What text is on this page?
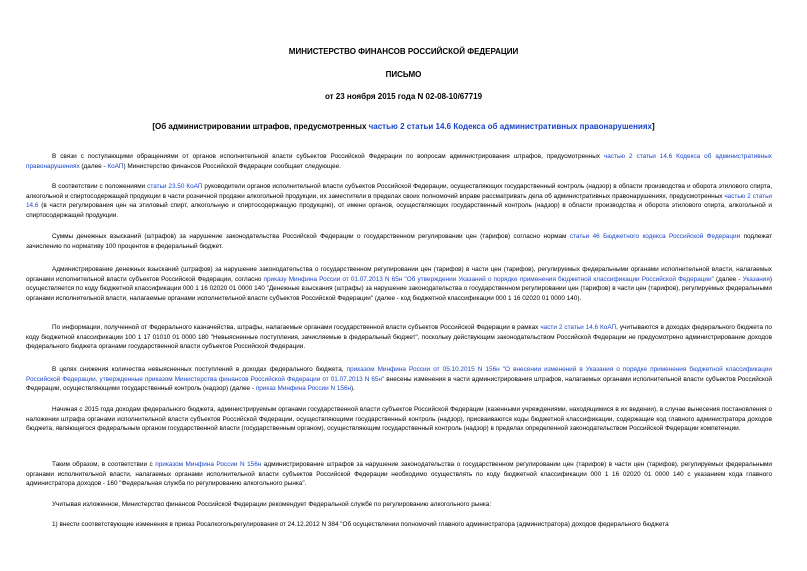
МИНИСТЕРСТВО ФИНАНСОВ РОССИЙСКОЙ ФЕДЕРАЦИИ
ПИСЬМО
от 23 ноября 2015 года N 02-08-10/67719
[Об администрировании штрафов, предусмотренных частью 2 статьи 14.6 Кодекса об административных правонарушениях]

В связи с поступающими обращениями от органов исполнительной власти субъектов Российской Федерации по вопросам администрирования штрафов, предусмотренных частью 2 статьи 14.6 Кодекса об административных правонарушениях (далее - КоАП) Министерство финансов Российской Федерации сообщает следующее.

В соответствии с положениями статьи 23.50 КоАП руководители органов исполнительной власти субъектов Российской Федерации, осуществляющих государственный контроль (надзор) в области производства и оборота этилового спирта, алкогольной и спиртосодержащей продукции в части розничной продажи алкогольной продукции, их заместители в пределах своих полномочий вправе рассматривать дела об административных правонарушениях, предусмотренных частью 2 статьи 14.6 (в части регулирования цен на этиловый спирт, алкогольную и спиртосодержащую продукцию), от имени органов, осуществляющих государственный контроль (надзор) в области производства и оборота этилового спирта, алкогольной и спиртосодержащей продукции.

Суммы денежных взысканий (штрафов) за нарушение законодательства Российской Федерации о государственном регулировании цен (тарифов) согласно нормам статьи 46 Бюджетного кодекса Российской Федерации подлежат зачислению по нормативу 100 процентов в федеральный бюджет.

Администрирование денежных взысканий (штрафов) за нарушение законодательства о государственном регулировании цен (тарифов) в части цен (тарифов), регулируемых федеральными органами исполнительной власти, налагаемых органами исполнительной власти субъектов Российской Федерации, согласно приказу Минфина России от 01.07.2013 N 65н "Об утверждении Указаний о порядке применения бюджетной классификации Российской Федерации" (далее - Указания) осуществляется по коду бюджетной классификации 000 1 16 02020 01 0000 140 "Денежные взыскания (штрафы) за нарушение законодательства о государственном регулировании цен (тарифов) в части цен (тарифов), регулируемых федеральными органами исполнительной власти, налагаемые органами исполнительной власти субъектов Российской Федерации" (далее - код бюджетной классификации 000 1 16 02020 01 0000 140).

По информации, полученной от Федерального казначейства, штрафы, налагаемые органами государственной власти субъектов Российской Федерации в рамках части 2 статьи 14.6 КоАП, учитываются в доходах федерального бюджета по коду бюджетной классификации 100 1 17 01010 01 0000 180 "Невыясненные поступления, зачисляемые в федеральный бюджет", поскольку действующим законодательством Российской Федерации не предусмотрено администрирование доходов федерального бюджета органами государственной власти субъектов Российской Федерации.

В целях снижения количества невыясненных поступлений в доходах федерального бюджета, приказом Минфина России от 05.10.2015 N 156н "О внесении изменений в Указания о порядке применения бюджетной классификации Российской Федерации, утвержденные приказом Министерства финансов Российской Федерации от 01.07.2013 N 65н" внесены изменения в части администрирования штрафов, налагаемых органами исполнительной власти субъектов Российской Федерации, осуществляющими государственный контроль (надзор) (далее - приказ Минфина России N 156н).

Начиная с 2015 года доходам федерального бюджета, администрируемым органами государственной власти субъектов Российской Федерации (казенными учреждениями, находящимися в их ведении), в случае вынесения постановления о наложении штрафа органами исполнительной власти субъектов Российской Федерации, осуществляющими государственный контроль (надзор), присваиваются коды бюджетной классификации, содержащие код главного администратора доходов бюджета, являющегося федеральным органом государственной власти (государственным органом), осуществляющим государственный контроль (надзор) в пределах определенной законодательством Российской Федерации компетенции.

Таким образом, в соответствии с приказом Минфина России N 156н администрирование штрафов за нарушение законодательства о государственном регулировании цен (тарифов) в части цен (тарифов), регулируемых федеральными органами исполнительной власти, налагаемых органами исполнительной власти субъектов Российской Федерации необходимо осуществлять по коду бюджетной классификации 000 1 16 02020 01 0000 140 с указанием кода главного администратора доходов - 160 "Федеральная служба по регулированию алкогольного рынка".

Учитывая изложенное, Министерство финансов Российской Федерации рекомендует Федеральной службе по регулированию алкогольного рынка:

1) внести соответствующие изменения в приказ Росалкогольрегулирования от 24.12.2012 N 384 "Об осуществлении полномочий главного администратора (администратора) доходов федерального бюджета
